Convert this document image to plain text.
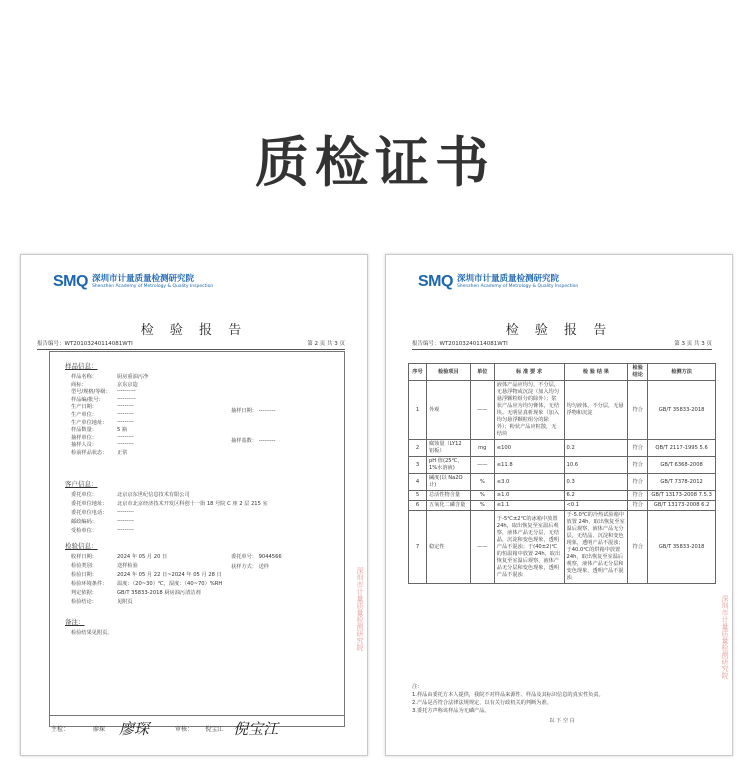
质检证书
SMQ 深圳市计量质量检测研究院
Shenzhen Academy of Metrology & Quality Inspection
检 验 报 告
报告编号：WT20103240114081WTI	第 2 页 共 3 页
样品信息：
样品名称：	厨房重油污净
商标：	京东京造
型号/规格/等级： ----------
样品编/批号：	----------
生产日期：	---------
生产单位：	---------
生产单位地址： ---------
样品数量：	5 瓶
抽样单位：	---------
抽样人员：	---------
检前样品状态： 正常
抽样日期： ---------
抽样基数： ---------
客户信息：
委托单位：	北京京东世纪信息技术有限公司
委托单位地址： 北京市北京经济技术开发区科创十一街 18 号院 C 座 2 层 215 室
委托单位电话： ---------
邮政编码：	---------
受检单位：	---------
检验信息：
收样日期：	2024 年 05 月 20 日
检验类别：	送样检验
检验日期：	2024 年 05 月 22 日~2024 年 05 月 28 日
检验环境条件： 温度：（20~30）℃，湿度：（40~70）%RH
判定依据：	GB/T 35833-2018 厨房油污清洁剂
检验结论：	见附页
委托单号： 9044566
获样方式： 送样
备注：
检验结果见附页。
主检：	廖琛 廖琛	审核： 倪宝江 倪宝江
深圳市计量质量检测研究院
SMQ 深圳市计量质量检测研究院
Shenzhen Academy of Metrology & Quality Inspection
检 验 报 告
报告编号：WT20103240114081WTI	第 3 页 共 3 页
序号	检验项目	单位	标 准 要 求	检 验 结 果	检验结论	检测方法
1	外观	——	液体产品应均匀，不分层，无悬浮物或沉淀（加入均匀悬浮颗粒组分的除外）；浆状产品应为均匀膏体，无结块。无明显真析现象（加入均匀悬浮颗粒组分的除外）；粉状产品应粒散，无结块	均匀液体，不分层，无悬浮物和沉淀	符合	GB/T 35833-2018
2	腐蚀量（LY12 铝板）	mg	≤100	0.2	符合	QB/T 2117-1995 5.6
3	pH 值(25℃，1%水溶液)	——	≤11.8	10.6	符合	GB/T 6368-2008
4	碱度(以 Na2O 计)	%	≤3.0	0.3	符合	GB/T 7378-2012
5	总活性物含量	%	≥1.0	6.2	符合	GB/T 13173-2008 7.5.3
6	五氧化二磷含量	%	≤1.1	<0.1	符合	GB/T 13173-2008 6.2
7	稳定性	——	于-5℃±2℃的冰箱中放置 24h，取出恢复至室温后观察，液体产品无分层，无结晶，沉淀和变色现象，透明产品不混浊；于(40±2)℃的恒温箱中放置 24h，取出恢复至室温后观察，液体产品无分层和变色现象，透明产品不混浊	于-5.0℃的冷热试验箱中放置 24h，取出恢复至室温后观察，液体产品无分层，无结晶、沉淀和变色现象，透明产品不混浊；于40.0℃的烘箱中放置 24h，取出恢复至室温后观察，液体产品无分层和变色现象，透明产品不混浊	符合	GB/T 35833-2018
注：
1.样品由委托方本人提供，我院不对样品来源性、样品及其标识信息的真实性负责。
2.产品是否符合法律法规规定，以有关行政机关的判断为准。
3.委托方声称该样品为无磷产品。
以 下 空 白
深圳市计量质量检测研究院
